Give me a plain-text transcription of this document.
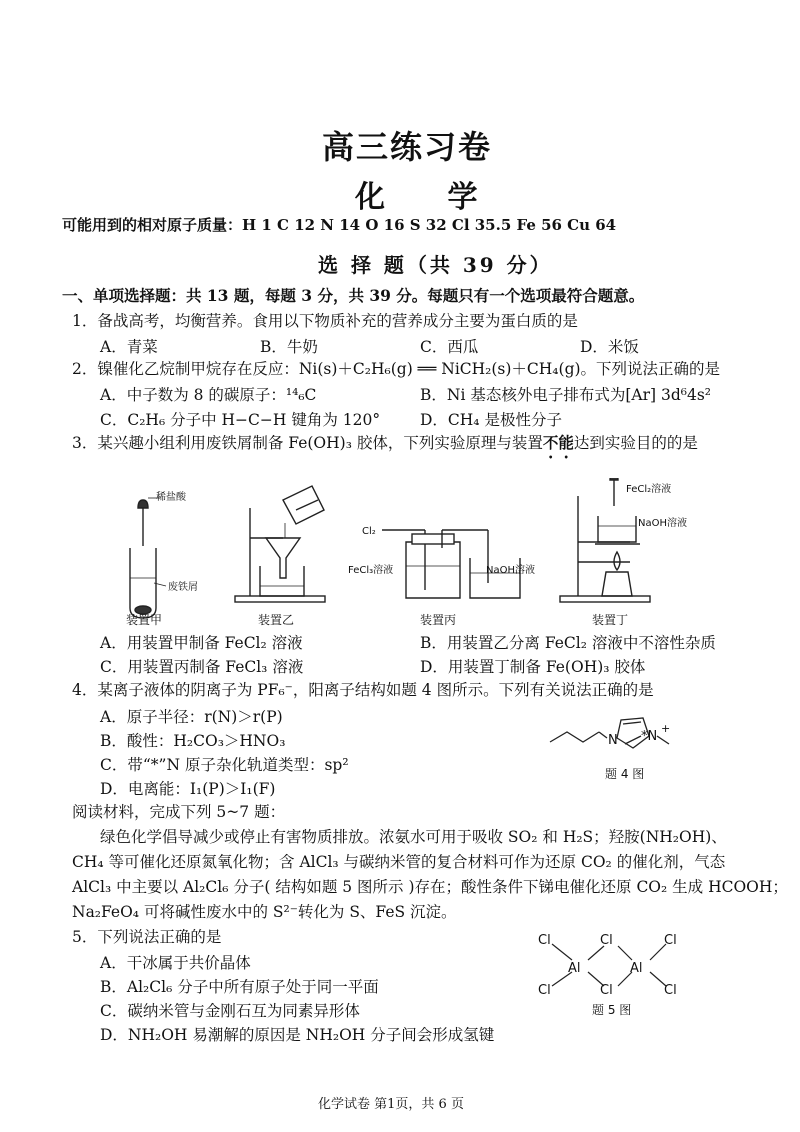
高三练习卷
化 学
可能用到的相对原子质量：H 1 C 12 N 14 O 16 S 32 Cl 35.5 Fe 56 Cu 64
选 择 题（共 39 分）
一、单项选择题：共 13 题，每题 3 分，共 39 分。每题只有一个选项最符合题意。
1．备战高考，均衡营养。食用以下物质补充的营养成分主要为蛋白质的是
A．青菜	B．牛奶	C．西瓜	D．米饭
2．镍催化乙烷制甲烷存在反应：Ni(s)＋C₂H₆(g) ══ NiCH₂(s)＋CH₄(g)。下列说法正确的是
A．中子数为 8 的碳原子：¹⁴₆C	B．Ni 基态核外电子排布式为[Ar] 3d⁶4s²
C．C₂H₆ 分子中 H−C−H 键角为 120°	D．CH₄ 是极性分子
3．某兴趣小组利用废铁屑制备 Fe(OH)₃ 胶体，下列实验原理与装置不能达到实验目的的是
稀盐酸
废铁屑
Cl₂
FeCl₃溶液	NaOH溶液
FeCl₂溶液
NaOH溶液
装置甲	装置乙	装置丙	装置丁
A．用装置甲制备 FeCl₂ 溶液	B．用装置乙分离 FeCl₂ 溶液中不溶性杂质
C．用装置丙制备 FeCl₃ 溶液	D．用装置丁制备 Fe(OH)₃ 胶体
4．某离子液体的阴离子为 PF₆⁻，阳离子结构如题 4 图所示。下列有关说法正确的是
A．原子半径：r(N)＞r(P)
B．酸性：H₂CO₃＞HNO₃
C．带“*”N 原子杂化轨道类型：sp²
D．电离能：I₁(P)＞I₁(F)
N *N
+
题 4 图
阅读材料，完成下列 5~7 题：
绿色化学倡导减少或停止有害物质排放。浓氨水可用于吸收 SO₂ 和 H₂S；羟胺(NH₂OH)、
CH₄ 等可催化还原氮氧化物；含 AlCl₃ 与碳纳米管的复合材料可作为还原 CO₂ 的催化剂，气态
AlCl₃ 中主要以 Al₂Cl₆ 分子( 结构如题 5 图所示 )存在；酸性条件下锑电催化还原 CO₂ 生成 HCOOH；
Na₂FeO₄ 可将碱性废水中的 S²⁻转化为 S、FeS 沉淀。
5．下列说法正确的是
A．干冰属于共价晶体
B．Al₂Cl₆ 分子中所有原子处于同一平面
C．碳纳米管与金刚石互为同素异形体
D．NH₂OH 易潮解的原因是 NH₂OH 分子间会形成氢键
Cl
Cl
Al
Cl
Cl
Al
Cl
Cl
题 5 图
化学试卷 第1页，共 6 页
